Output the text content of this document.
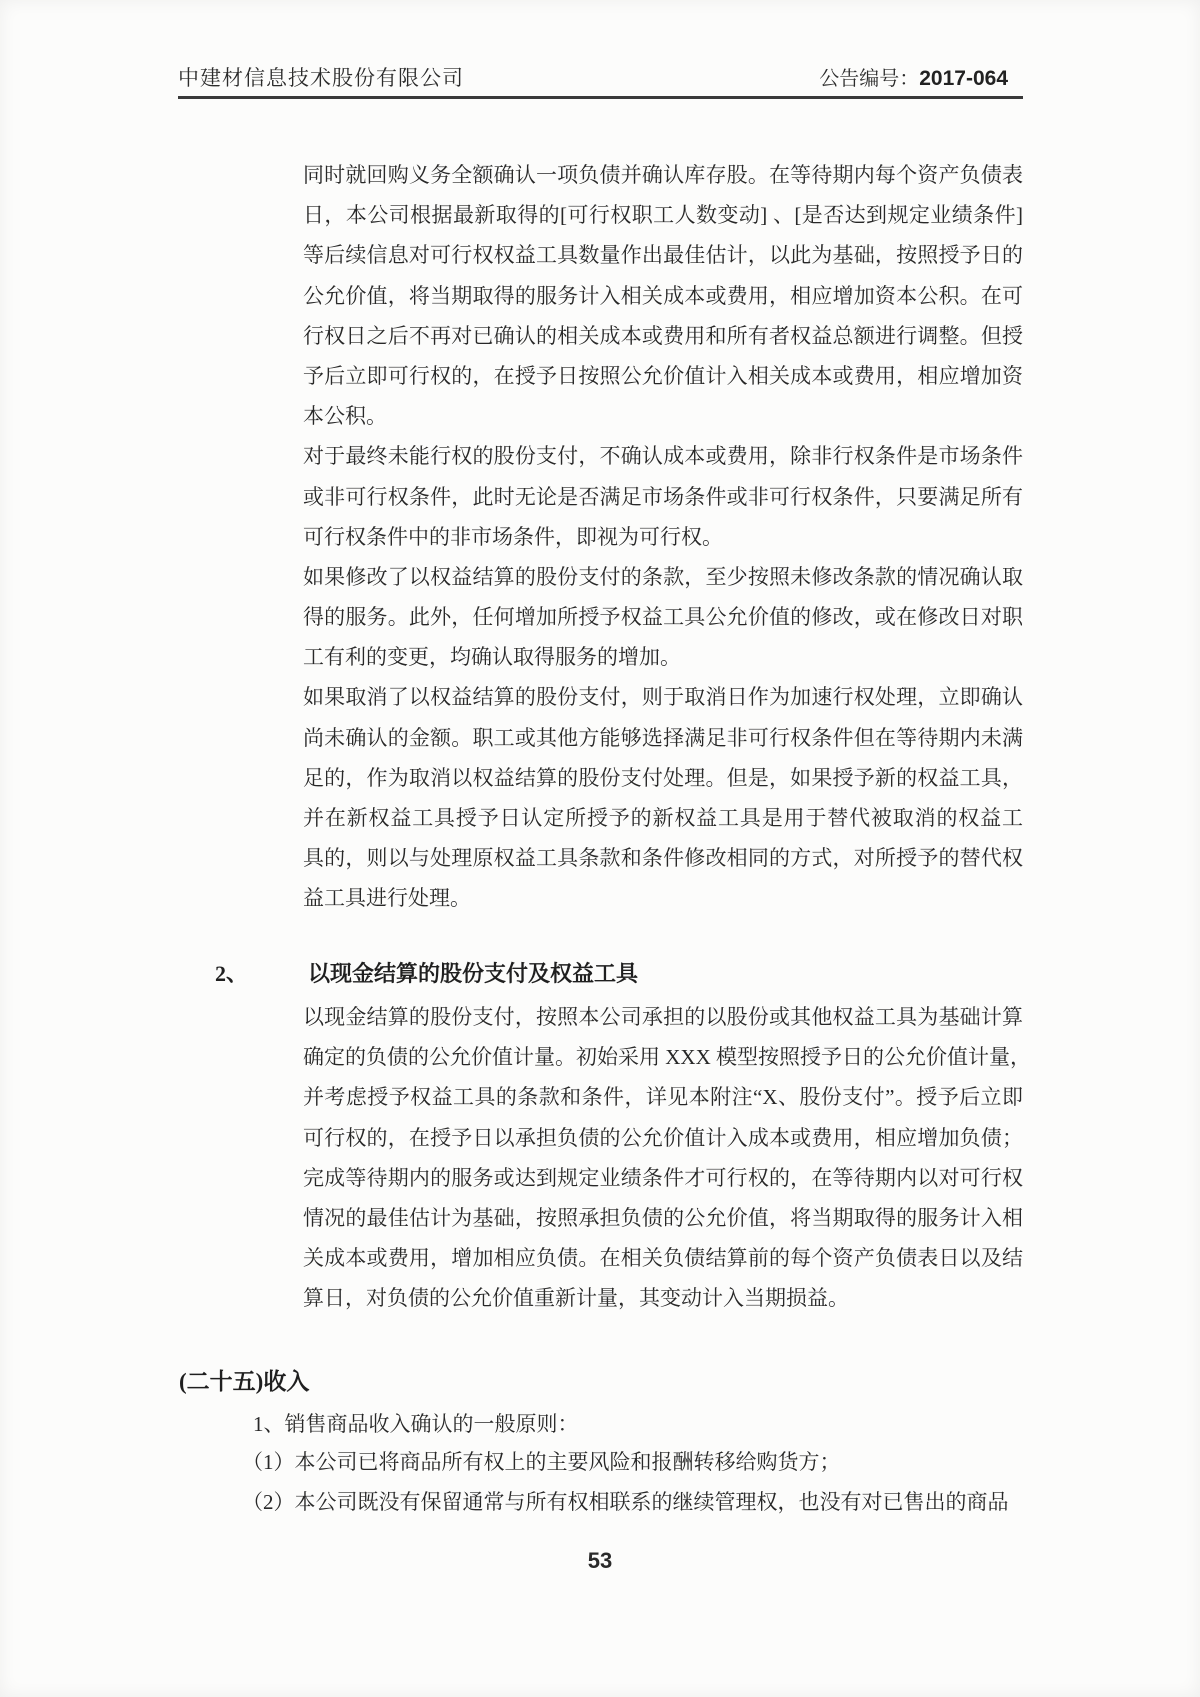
中建材信息技术股份有限公司	公告编号：2017-064
同时就回购义务全额确认一项负债并确认库存股。在等待期内每个资产负债表
日，本公司根据最新取得的[可行权职工人数变动] 、[是否达到规定业绩条件]
等后续信息对可行权权益工具数量作出最佳估计，以此为基础，按照授予日的
公允价值，将当期取得的服务计入相关成本或费用，相应增加资本公积。在可
行权日之后不再对已确认的相关成本或费用和所有者权益总额进行调整。但授
予后立即可行权的，在授予日按照公允价值计入相关成本或费用，相应增加资
本公积。
对于最终未能行权的股份支付，不确认成本或费用，除非行权条件是市场条件
或非可行权条件，此时无论是否满足市场条件或非可行权条件，只要满足所有
可行权条件中的非市场条件，即视为可行权。
如果修改了以权益结算的股份支付的条款，至少按照未修改条款的情况确认取
得的服务。此外，任何增加所授予权益工具公允价值的修改，或在修改日对职
工有利的变更，均确认取得服务的增加。
如果取消了以权益结算的股份支付，则于取消日作为加速行权处理，立即确认
尚未确认的金额。职工或其他方能够选择满足非可行权条件但在等待期内未满
足的，作为取消以权益结算的股份支付处理。但是，如果授予新的权益工具，
并在新权益工具授予日认定所授予的新权益工具是用于替代被取消的权益工
具的，则以与处理原权益工具条款和条件修改相同的方式，对所授予的替代权
益工具进行处理。
2、	以现金结算的股份支付及权益工具
以现金结算的股份支付，按照本公司承担的以股份或其他权益工具为基础计算
确定的负债的公允价值计量。初始采用 XXX 模型按照授予日的公允价值计量，
并考虑授予权益工具的条款和条件，详见本附注“X、股份支付”。授予后立即
可行权的，在授予日以承担负债的公允价值计入成本或费用，相应增加负债；
完成等待期内的服务或达到规定业绩条件才可行权的，在等待期内以对可行权
情况的最佳估计为基础，按照承担负债的公允价值，将当期取得的服务计入相
关成本或费用，增加相应负债。在相关负债结算前的每个资产负债表日以及结
算日，对负债的公允价值重新计量，其变动计入当期损益。
(二十五)收入
1、销售商品收入确认的一般原则：
（1）本公司已将商品所有权上的主要风险和报酬转移给购货方；
（2）本公司既没有保留通常与所有权相联系的继续管理权，也没有对已售出的商品
53
